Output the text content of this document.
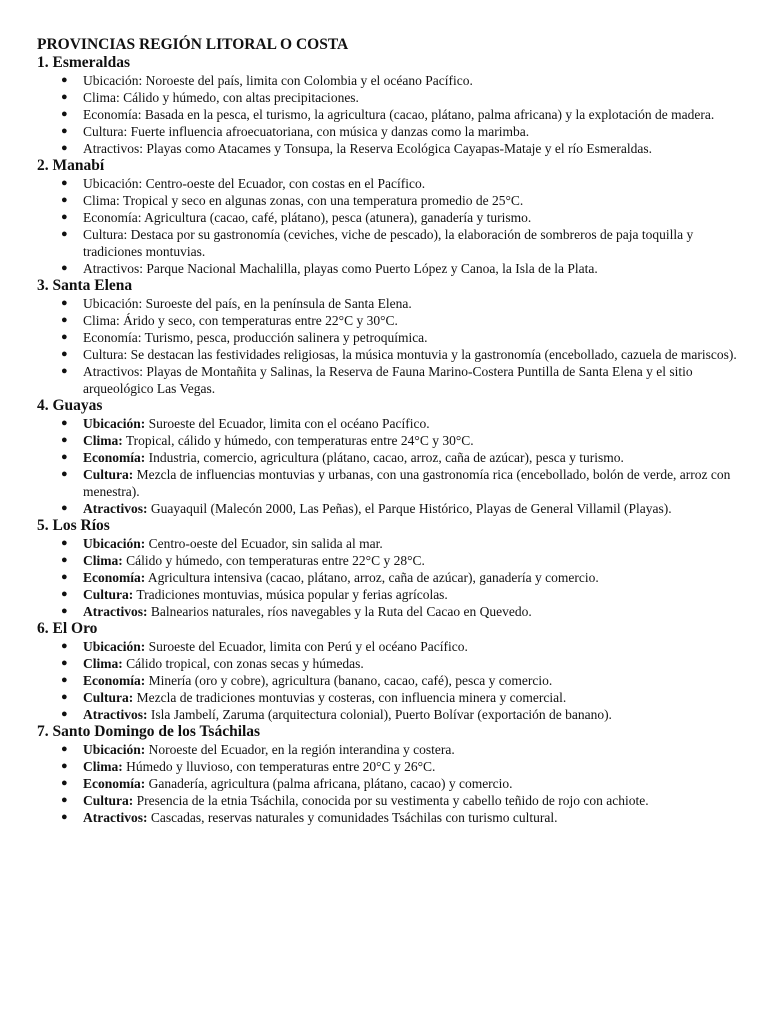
PROVINCIAS REGIÓN LITORAL O COSTA
1. Esmeraldas
● Ubicación: Noroeste del país, limita con Colombia y el océano Pacífico.
● Clima: Cálido y húmedo, con altas precipitaciones.
● Economía: Basada en la pesca, el turismo, la agricultura (cacao, plátano, palma africana) y la explotación de madera.
● Cultura: Fuerte influencia afroecuatoriana, con música y danzas como la marimba.
● Atractivos: Playas como Atacames y Tonsupa, la Reserva Ecológica Cayapas-Mataje y el río Esmeraldas.
2. Manabí
● Ubicación: Centro-oeste del Ecuador, con costas en el Pacífico.
● Clima: Tropical y seco en algunas zonas, con una temperatura promedio de 25°C.
● Economía: Agricultura (cacao, café, plátano), pesca (atunera), ganadería y turismo.
● Cultura: Destaca por su gastronomía (ceviches, viche de pescado), la elaboración de sombreros de paja toquilla y tradiciones montuvias.
● Atractivos: Parque Nacional Machalilla, playas como Puerto López y Canoa, la Isla de la Plata.
3. Santa Elena
● Ubicación: Suroeste del país, en la península de Santa Elena.
● Clima: Árido y seco, con temperaturas entre 22°C y 30°C.
● Economía: Turismo, pesca, producción salinera y petroquímica.
● Cultura: Se destacan las festividades religiosas, la música montuvia y la gastronomía (encebollado, cazuela de mariscos).
● Atractivos: Playas de Montañita y Salinas, la Reserva de Fauna Marino-Costera Puntilla de Santa Elena y el sitio arqueológico Las Vegas.
4. Guayas
● Ubicación: Suroeste del Ecuador, limita con el océano Pacífico.
● Clima: Tropical, cálido y húmedo, con temperaturas entre 24°C y 30°C.
● Economía: Industria, comercio, agricultura (plátano, cacao, arroz, caña de azúcar), pesca y turismo.
● Cultura: Mezcla de influencias montuvias y urbanas, con una gastronomía rica (encebollado, bolón de verde, arroz con menestra).
● Atractivos: Guayaquil (Malecón 2000, Las Peñas), el Parque Histórico, Playas de General Villamil (Playas).
5. Los Ríos
● Ubicación: Centro-oeste del Ecuador, sin salida al mar.
● Clima: Cálido y húmedo, con temperaturas entre 22°C y 28°C.
● Economía: Agricultura intensiva (cacao, plátano, arroz, caña de azúcar), ganadería y comercio.
● Cultura: Tradiciones montuvias, música popular y ferias agrícolas.
● Atractivos: Balnearios naturales, ríos navegables y la Ruta del Cacao en Quevedo.
6. El Oro
● Ubicación: Suroeste del Ecuador, limita con Perú y el océano Pacífico.
● Clima: Cálido tropical, con zonas secas y húmedas.
● Economía: Minería (oro y cobre), agricultura (banano, cacao, café), pesca y comercio.
● Cultura: Mezcla de tradiciones montuvias y costeras, con influencia minera y comercial.
● Atractivos: Isla Jambelí, Zaruma (arquitectura colonial), Puerto Bolívar (exportación de banano).
7. Santo Domingo de los Tsáchilas
● Ubicación: Noroeste del Ecuador, en la región interandina y costera.
● Clima: Húmedo y lluvioso, con temperaturas entre 20°C y 26°C.
● Economía: Ganadería, agricultura (palma africana, plátano, cacao) y comercio.
● Cultura: Presencia de la etnia Tsáchila, conocida por su vestimenta y cabello teñido de rojo con achiote.
● Atractivos: Cascadas, reservas naturales y comunidades Tsáchilas con turismo cultural.
